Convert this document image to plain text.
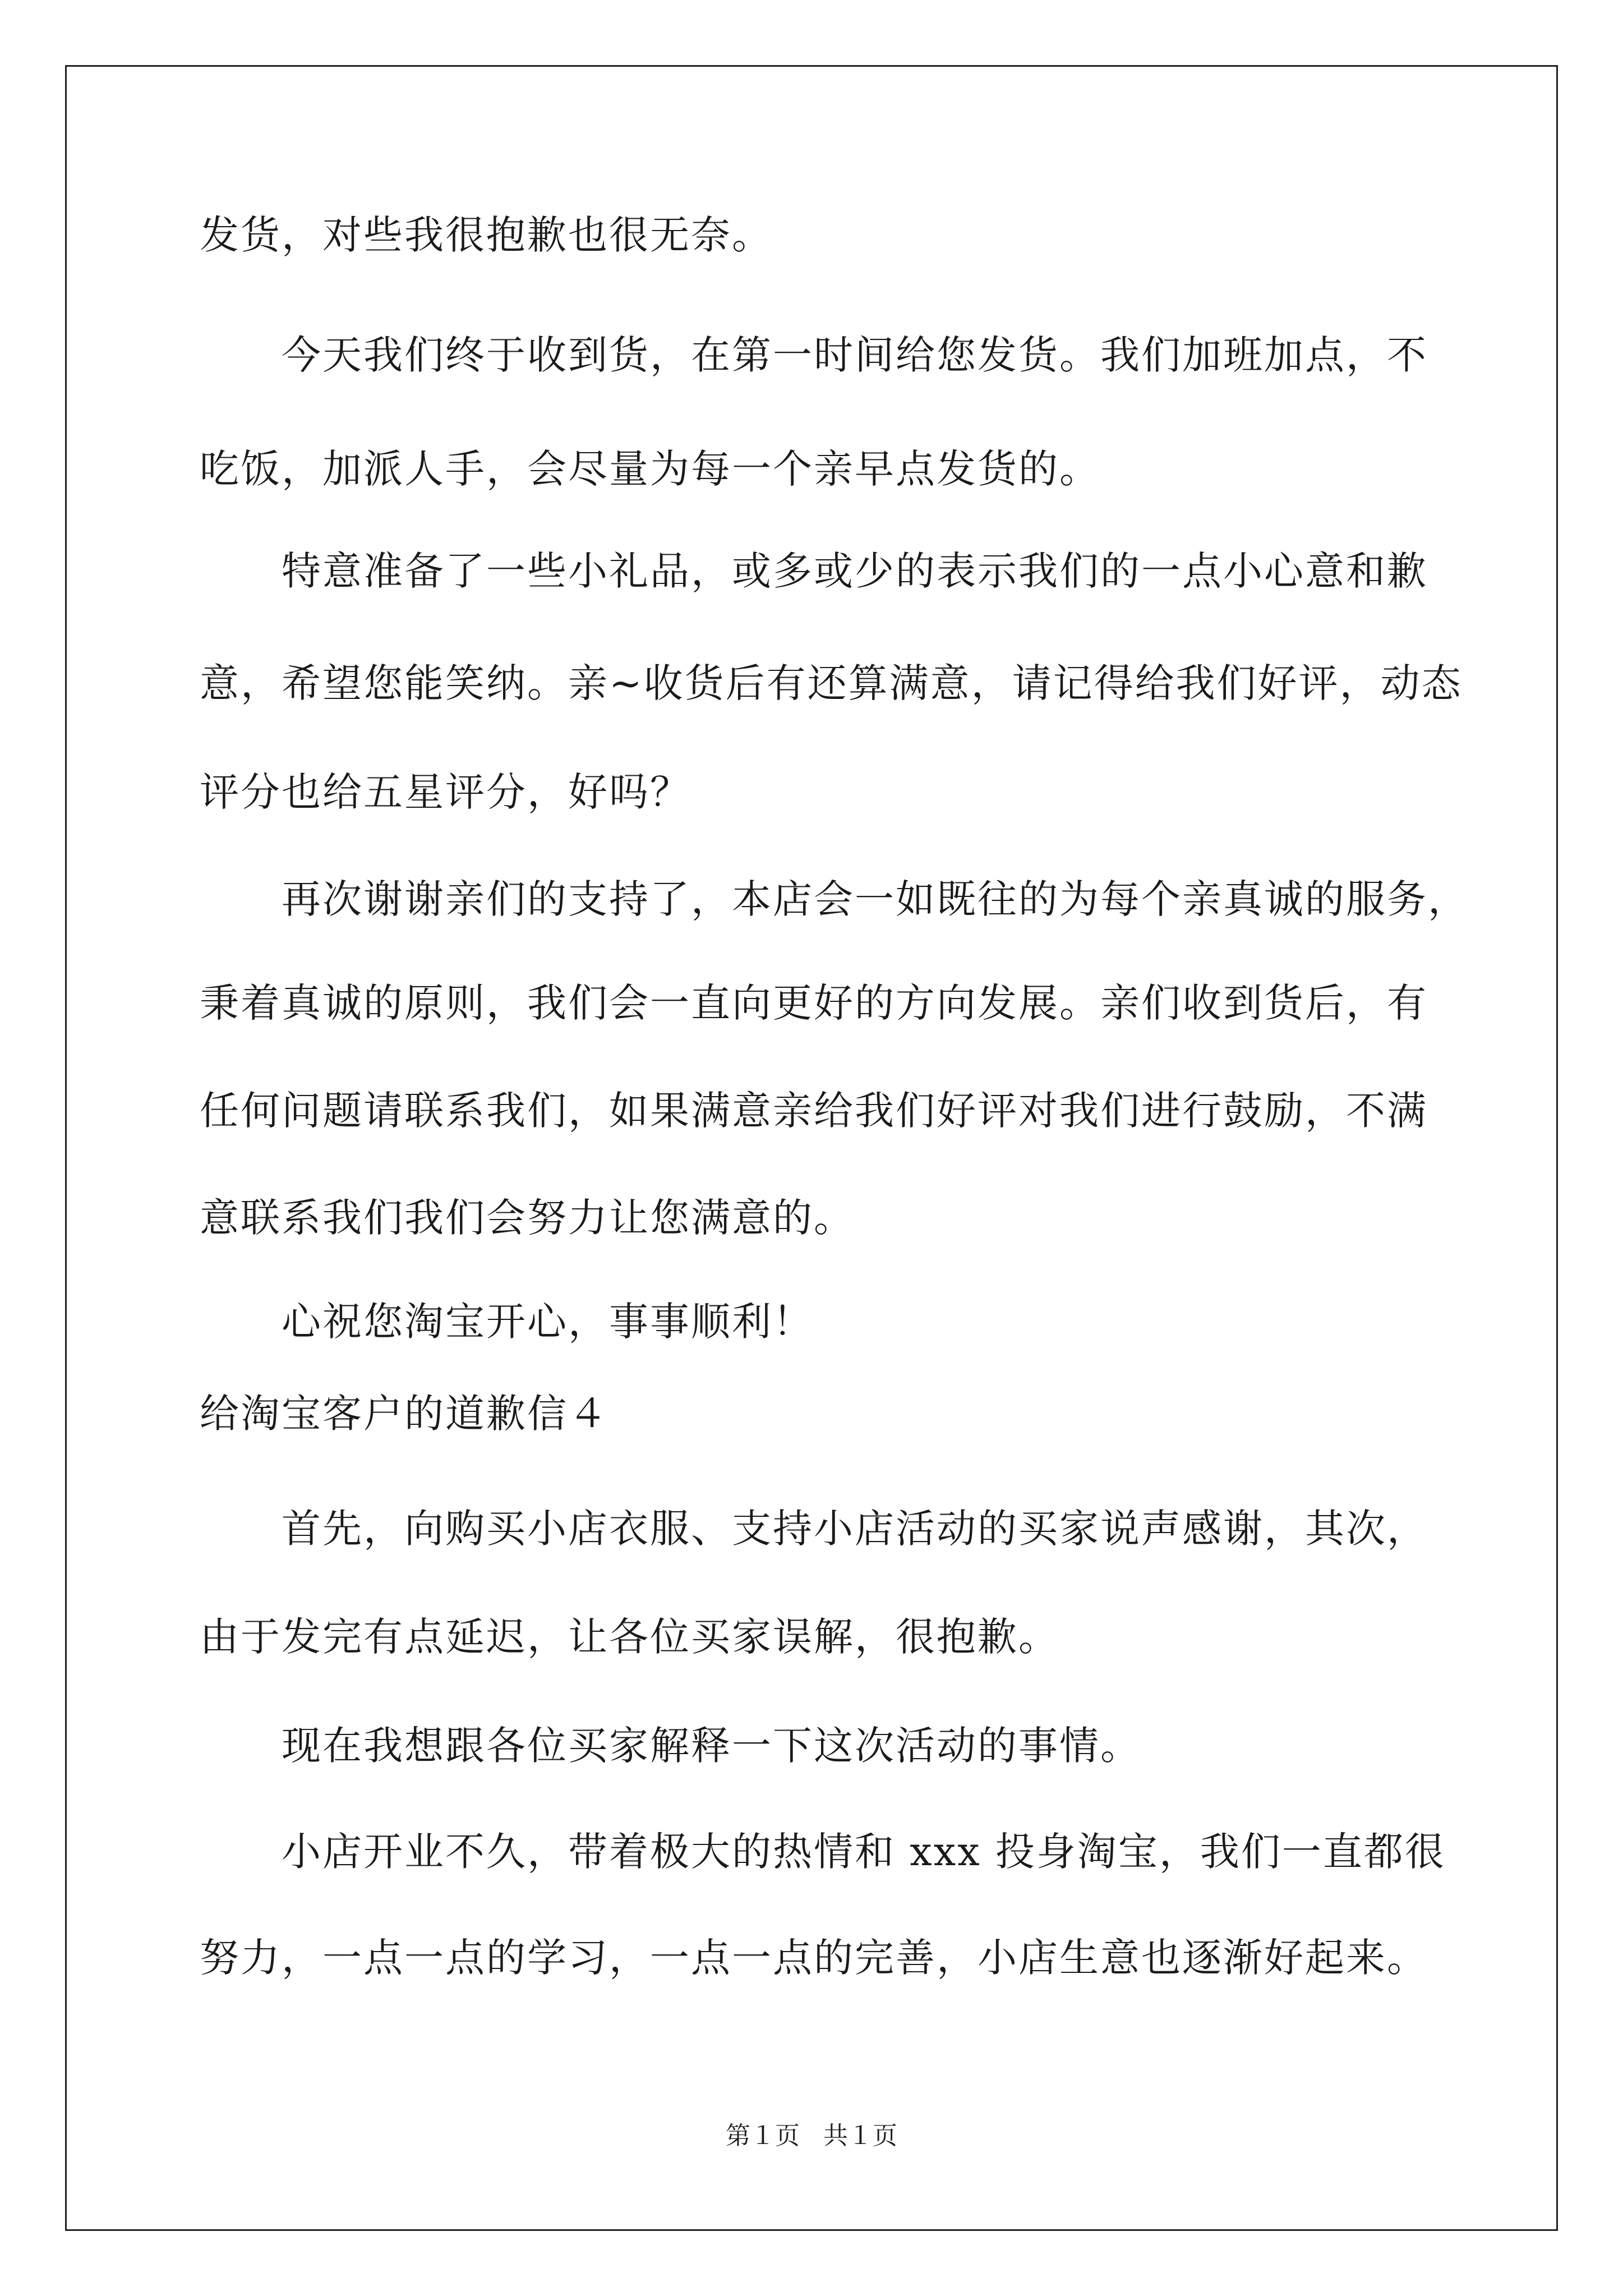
发货，对些我很抱歉也很无奈。
今天我们终于收到货，在第一时间给您发货。我们加班加点，不
吃饭，加派人手，会尽量为每一个亲早点发货的。
特意准备了一些小礼品，或多或少的表示我们的一点小心意和歉
意，希望您能笑纳。亲~收货后有还算满意，请记得给我们好评，动态
评分也给五星评分，好吗？
再次谢谢亲们的支持了，本店会一如既往的为每个亲真诚的服务，
秉着真诚的原则，我们会一直向更好的方向发展。亲们收到货后，有
任何问题请联系我们，如果满意亲给我们好评对我们进行鼓励，不满
意联系我们我们会努力让您满意的。
心祝您淘宝开心，事事顺利！
给淘宝客户的道歉信４
首先，向购买小店衣服、支持小店活动的买家说声感谢，其次，
由于发完有点延迟，让各位买家误解，很抱歉。
现在我想跟各位买家解释一下这次活动的事情。
小店开业不久，带着极大的热情和 xxx 投身淘宝，我们一直都很
努力，一点一点的学习，一点一点的完善，小店生意也逐渐好起来。
第１页   共１页
